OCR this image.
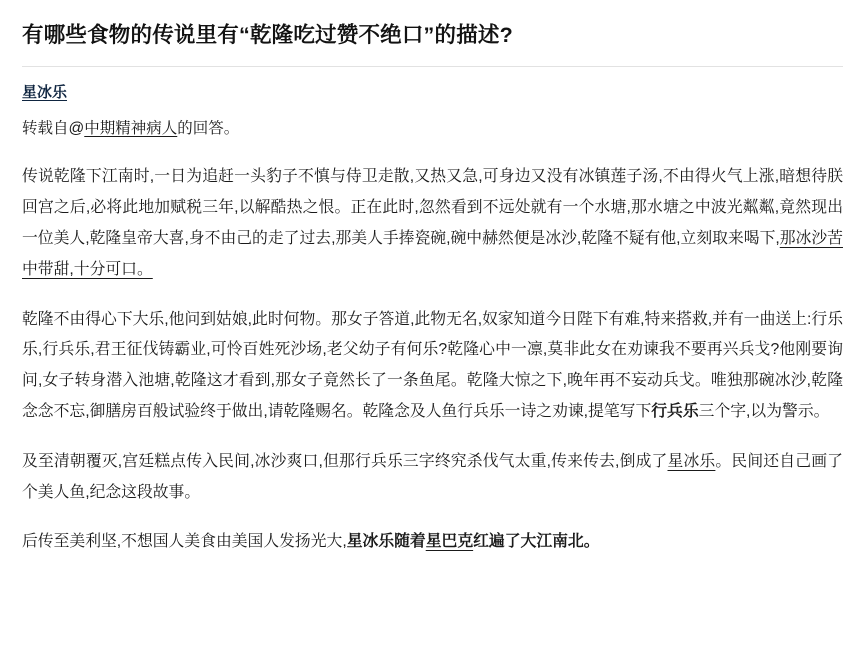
有哪些食物的传说里有“乾隆吃过赞不绝口”的描述?
星冰乐
转载自@中期精神病人的回答。

传说乾隆下江南时,一日为追赶一头豹子不慎与侍卫走散,又热又急,可身边又没有冰镇莲子汤,不由得火气上涨,暗想待朕回宫之后,必将此地加赋税三年,以解酷热之恨。正在此时,忽然看到不远处就有一个水塘,那水塘之中波光粼粼,竟然现出一位美人,乾隆皇帝大喜,身不由己的走了过去,那美人手捧瓷碗,碗中赫然便是冰沙,乾隆不疑有他,立刻取来喝下,那冰沙苦中带甜,十分可口。

乾隆不由得心下大乐,他问到姑娘,此时何物。那女子答道,此物无名,奴家知道今日陛下有难,特来搭救,并有一曲送上:行乐乐,行兵乐,君王征伐铸霸业,可怜百姓死沙场,老父幼子有何乐?乾隆心中一凛,莫非此女在劝谏我不要再兴兵戈?他刚要询问,女子转身潜入池塘,乾隆这才看到,那女子竟然长了一条鱼尾。乾隆大惊之下,晚年再不妄动兵戈。唯独那碗冰沙,乾隆念念不忘,御膳房百般试验终于做出,请乾隆赐名。乾隆念及人鱼行兵乐一诗之劝谏,提笔写下行兵乐三个字,以为警示。

及至清朝覆灭,宫廷糕点传入民间,冰沙爽口,但那行兵乐三字终究杀伐气太重,传来传去,倒成了星冰乐。民间还自己画了个美人鱼,纪念这段故事。

后传至美利坚,不想国人美食由美国人发扬光大,星冰乐随着星巴克红遍了大江南北。
